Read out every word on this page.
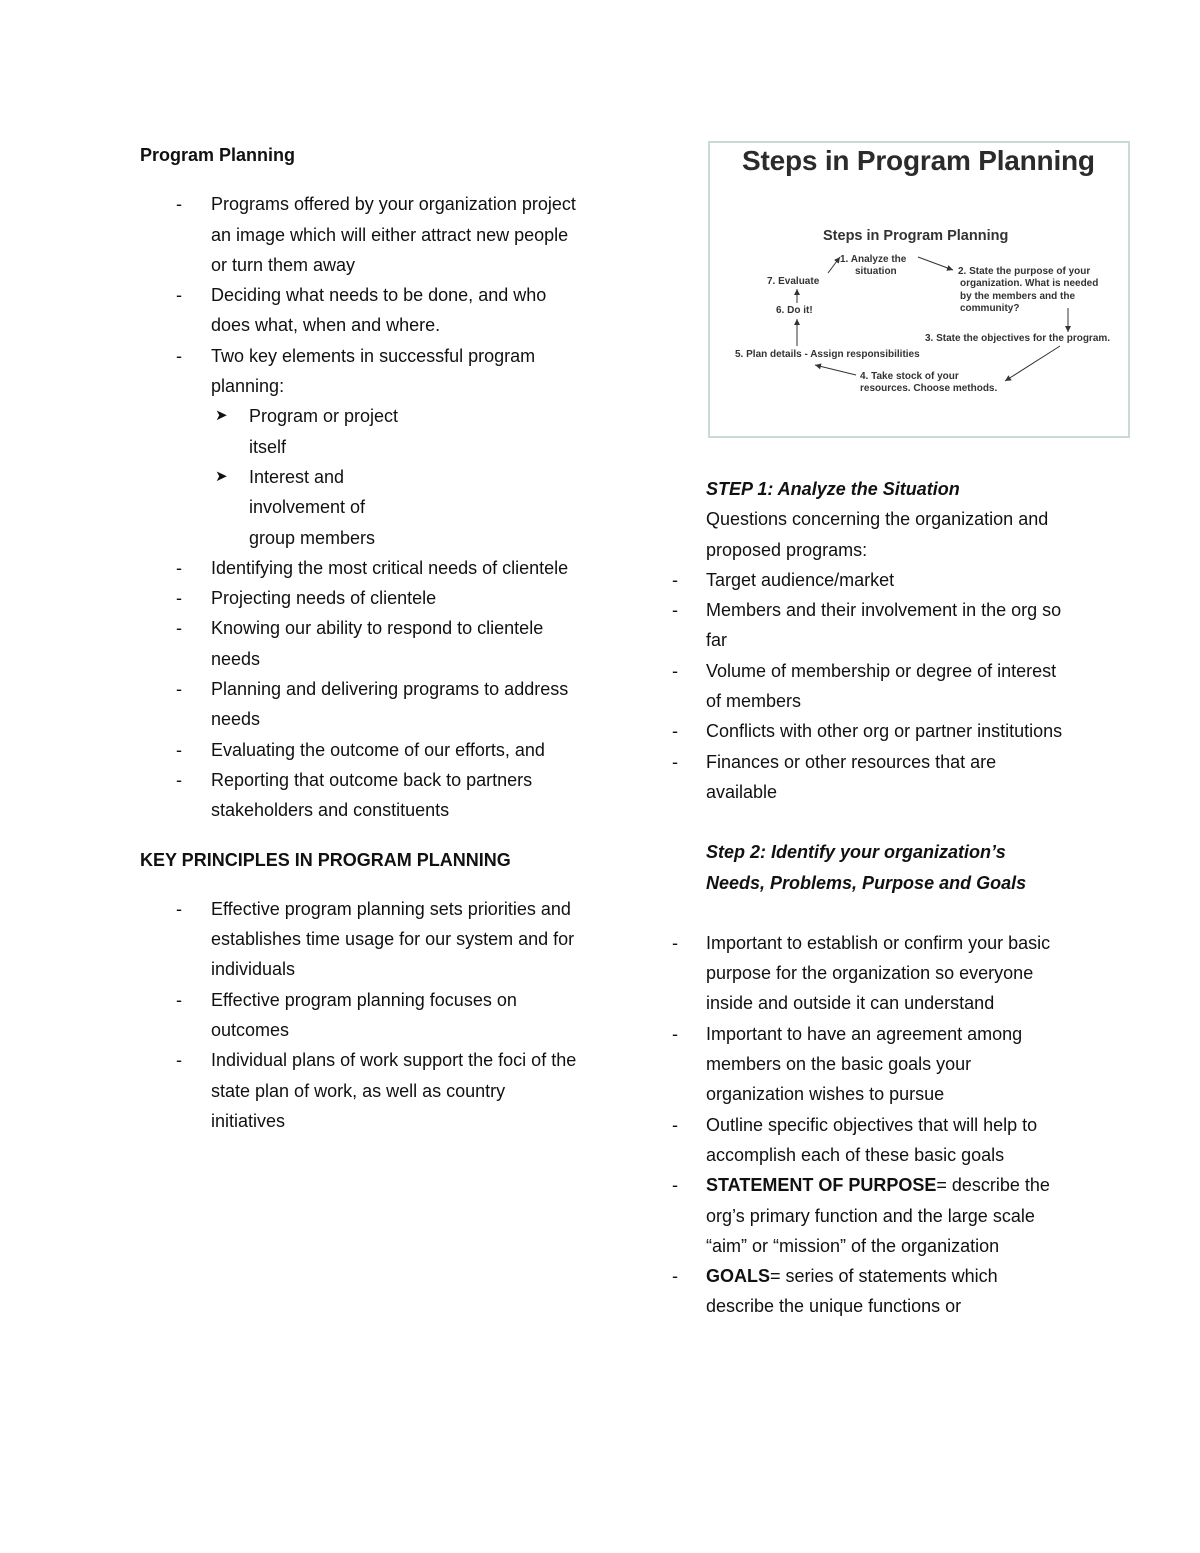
Program Planning

- Programs offered by your organization project an image which will either attract new people or turn them away
- Deciding what needs to be done, and who does what, when and where.
- Two key elements in successful program planning:
➤ Program or project itself
➤ Interest and involvement of group members
- Identifying the most critical needs of clientele
- Projecting needs of clientele
- Knowing our ability to respond to clientele needs
- Planning and delivering programs to address needs
- Evaluating the outcome of our efforts, and
- Reporting that outcome back to partners stakeholders and constituents

KEY PRINCIPLES IN PROGRAM PLANNING

- Effective program planning sets priorities and establishes time usage for our system and for individuals
- Effective program planning focuses on outcomes
- Individual plans of work support the foci of the state plan of work, as well as country initiatives
Steps in Program Planning
Steps in Program Planning
1. Analyze the
situation	2. State the purpose of your
organization. What is needed
by the members and the
community?
3. State the objectives for the program.
4. Take stock of your
resources. Choose methods.
5. Plan details - Assign responsibilities
6. Do it!
7. Evaluate

STEP 1: Analyze the Situation

Questions concerning the organization and proposed programs:

- Target audience/market
- Members and their involvement in the org so far
- Volume of membership or degree of interest of members
- Conflicts with other org or partner institutions
- Finances or other resources that are available

Step 2: Identify your organization’s Needs, Problems, Purpose and Goals

- Important to establish or confirm your basic purpose for the organization so everyone inside and outside it can understand
- Important to have an agreement among members on the basic goals your organization wishes to pursue
- Outline specific objectives that will help to accomplish each of these basic goals
- STATEMENT OF PURPOSE= describe the org’s primary function and the large scale “aim” or “mission” of the organization
- GOALS= series of statements which describe the unique functions or
